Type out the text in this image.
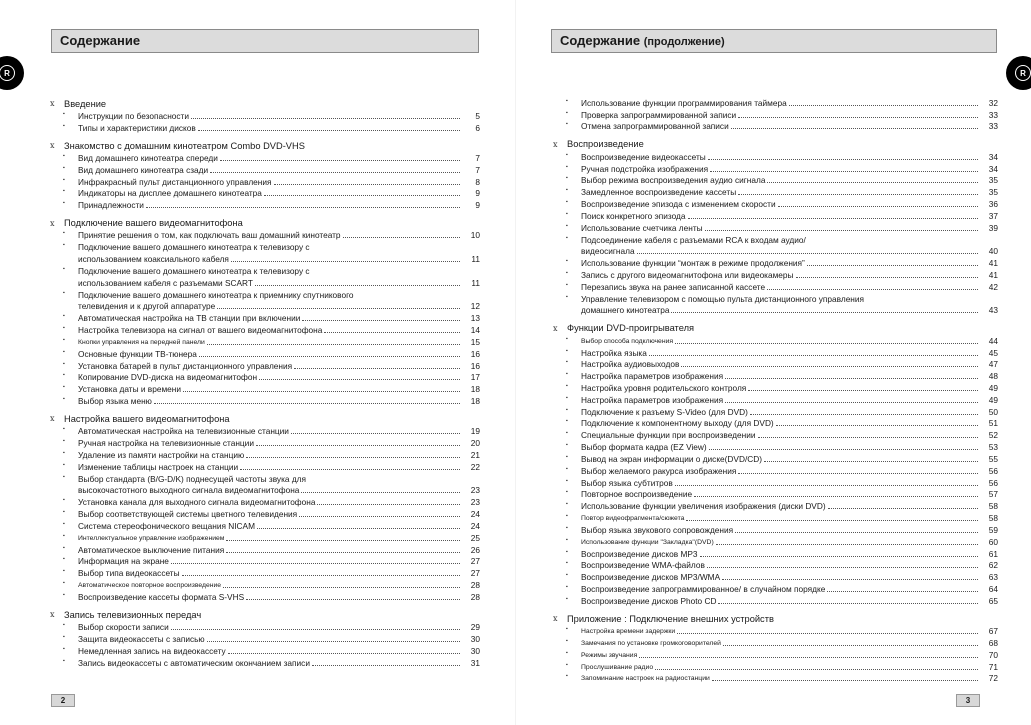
Содержание
R
x	Введение
▪ Инструкции по безопасности	5
▪ Типы и характеристики дисков	6
x	Знакомство с домашним кинотеатром Combo DVD-VHS
▪ Вид домашнего кинотеатра спереди	7
▪ Вид домашнего кинотеатра сзади	7
▪ Инфракрасный пульт дистанционного управления	8
▪ Индикаторы на дисплее домашнего кинотеатра	9
▪ Принадлежности	9
x	Подключение вашего видеомагнитофона
▪ Принятие решения о том, как подключать ваш домашний кинотеатр	10
▪ Подключение вашего домашнего кинотеатра к телевизору с
использованием коаксиального кабеля	11
▪ Подключение вашего домашнего кинотеатра к телевизору с
использованием кабеля с разъемами SCART	11
▪ Подключение вашего домашнего кинотеатра к приемнику спутникового
телевидения и к другой аппаратуре	12
▪ Автоматическая настройка на ТВ станции при включении	13
▪ Настройка телевизора на сигнал от вашего видеомагнитофона	14
▪ Кнопки управления на передней панели	15
▪ Основные функции ТВ-тюнера	16
▪ Установка батарей в пульт дистанционного управления	16
▪ Копирование DVD-диска на видеомагнитофон	17
▪ Установка даты и времени	18
▪ Выбор языка меню	18
x	Настройка вашего видеомагнитофона
▪ Автоматическая настройка на телевизионные станции	19
▪ Ручная настройка на телевизионные станции	20
▪ Удаление из памяти настройки на станцию	21
▪ Изменение таблицы настроек на станции	22
▪ Выбор стандарта (B/G-D/K) поднесущей частоты звука для
высокочастотного выходного сигнала видеомагнитофона	23
▪ Установка канала для выходного сигнала видеомагнитофона	23
▪ Выбор соответствующей системы цветного телевидения	24
▪ Система стереофонического вещания NICAM	24
▪ Интеллектуальное управление изображением	25
▪ Автоматическое выключение питания	26
▪ Информация на экране	27
▪ Выбор типа видеокассеты	27
▪ Автоматическое повторное воспроизведение	28
▪ Воспроизведение кассеты формата S-VHS	28
x	Запись телевизионных передач
▪ Выбор скорости записи	29
▪ Защита видеокассеты с записью	30
▪ Немедленная запись на видеокассету	30
▪ Запись видеокассеты с автоматическим окончанием записи	31
2
Содержание (продолжение)
R
▪ Использование функции программирования таймера	32
▪ Проверка запрограммированной записи	33
▪ Отмена запрограммированной записи	33
x	Воспроизведение
▪ Воспроизведение видеокассеты	34
▪ Ручная подстройка изображения	34
▪ Выбор режима воспроизведения аудио сигнала	35
▪ Замедленное воспроизведение кассеты	35
▪ Воспроизведение эпизода с изменением скорости	36
▪ Поиск конкретного эпизода	37
▪ Использование счетчика ленты	39
▪ Подсоединение кабеля с разъемами RCA к входам аудио/
видеосигнала	40
▪ Использование функции “монтаж в режиме продолжения”	41
▪ Запись с другого видеомагнитофона или видеокамеры	41
▪ Перезапись звука на ранее записанной кассете	42
▪ Управление телевизором с помощью пульта дистанционного управления
домашнего кинотеатра	43
x	Функции DVD-проигрывателя
▪ Выбор способа подключения	44
▪ Настройка языка	45
▪ Настройка аудиовыходов	47
▪ Настройка параметров изображения	48
▪ Настройка уровня родительского контроля	49
▪ Настройка параметров изображения	49
▪ Подключение к разъему S-Video (для DVD)	50
▪ Подключение к компонентному выходу (для DVD)	51
▪ Специальные функции при воспроизведении	52
▪ Выбор формата кадра (EZ View)	53
▪ Вывод на экран информации о диске(DVD/CD)	55
▪ Выбор желаемого ракурса изображения	56
▪ Выбор языка субтитров	56
▪ Повторное воспроизведение	57
▪ Использование функции увеличения изображения (диски DVD)	58
▪ Повтор видеофрагмента/сюжета	58
▪ Выбор языка звукового сопровождения	59
▪ Использование функции "Закладка"(DVD)	60
▪ Воспроизведение дисков MP3	61
▪ Воспроизведение WMA-файлов	62
▪ Воспроизведение дисков MP3/WMA	63
▪ Воспроизведение запрограммированное/ в случайном порядке	64
▪ Воспроизведение дисков Photo CD	65
x	Приложение : Подключение внешних устройств
▪ Настройка времени задержки	67
▪ Замечания по установке громкоговорителей	68
▪ Режимы звучания	70
▪ Прослушивание радио	71
▪ Запоминание настроек на радиостанции	72
3
